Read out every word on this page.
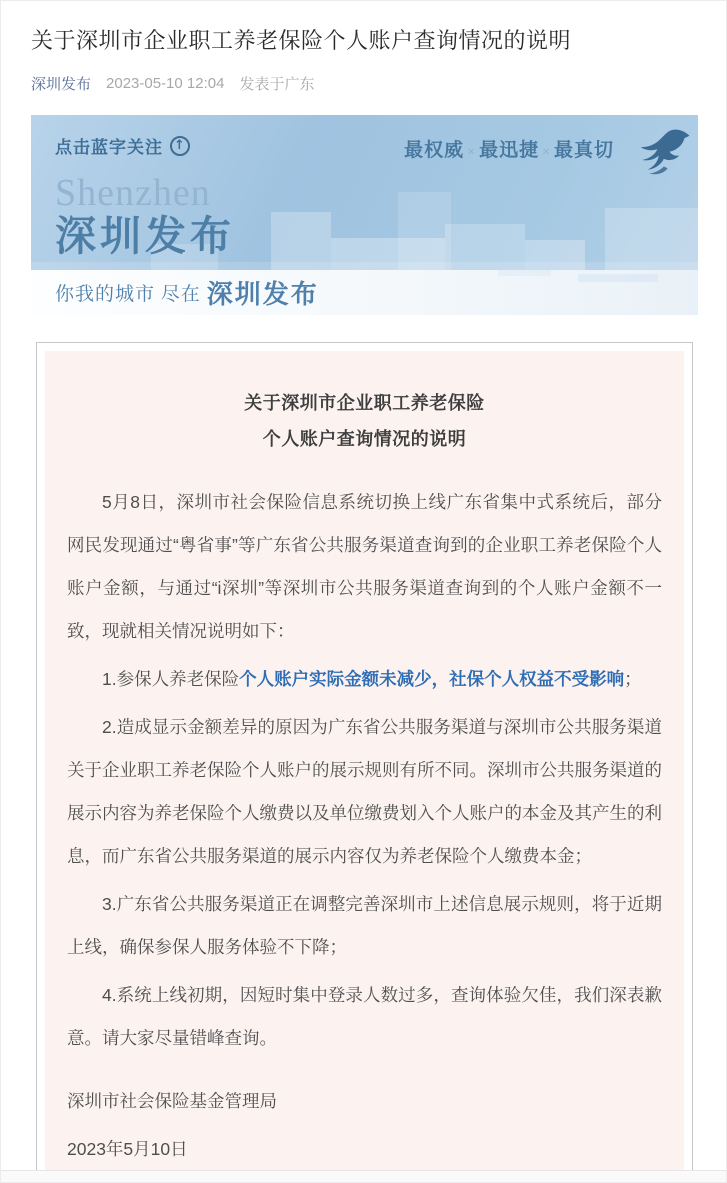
关于深圳市企业职工养老保险个人账户查询情况的说明
深圳发布 2023-05-10 12:04 发表于广东
点击蓝字关注 ↑	最权威 × 最迅捷 × 最真切
Shenzhen
深圳发布
你我的城市 尽在 深圳发布
关于深圳市企业职工养老保险
个人账户查询情况的说明

5月8日，深圳市社会保险信息系统切换上线广东省集中式系统后，部分网民发现通过“粤省事”等广东省公共服务渠道查询到的企业职工养老保险个人账户金额，与通过“i深圳”等深圳市公共服务渠道查询到的个人账户金额不一致，现就相关情况说明如下：

1.参保人养老保险个人账户实际金额未减少，社保个人权益不受影响；

2.造成显示金额差异的原因为广东省公共服务渠道与深圳市公共服务渠道关于企业职工养老保险个人账户的展示规则有所不同。深圳市公共服务渠道的展示内容为养老保险个人缴费以及单位缴费划入个人账户的本金及其产生的利息，而广东省公共服务渠道的展示内容仅为养老保险个人缴费本金；

3.广东省公共服务渠道正在调整完善深圳市上述信息展示规则，将于近期上线，确保参保人服务体验不下降；

4.系统上线初期，因短时集中登录人数过多，查询体验欠佳，我们深表歉意。请大家尽量错峰查询。

深圳市社会保险基金管理局

2023年5月10日
